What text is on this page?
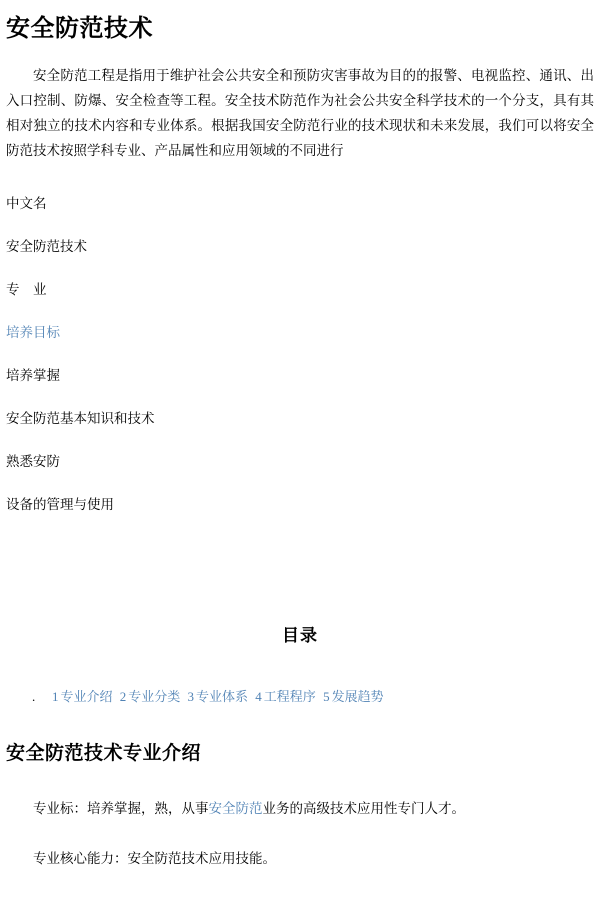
安全防范技术

安全防范工程是指用于维护社会公共安全和预防灾害事故为目的的报警、电视监控、通讯、出入口控制、防爆、安全检查等工程。安全技术防范作为社会公共安全科学技术的一个分支，具有其相对独立的技术内容和专业体系。根据我国安全防范行业的技术现状和未来发展，我们可以将安全防范技术按照学科专业、产品属性和应用领域的不同进行

中文名
安全防范技术
专　业
培养目标
培养掌握
安全防范基本知识和技术
熟悉安防
设备的管理与使用
目录
.	1 专业介绍 2 专业分类 3 专业体系 4 工程程序 5 发展趋势
安全防范技术专业介绍

专业标：培养掌握，熟，从事安全防范业务的高级技术应用性专门人才。

专业核心能力：安全防范技术应用技能。
